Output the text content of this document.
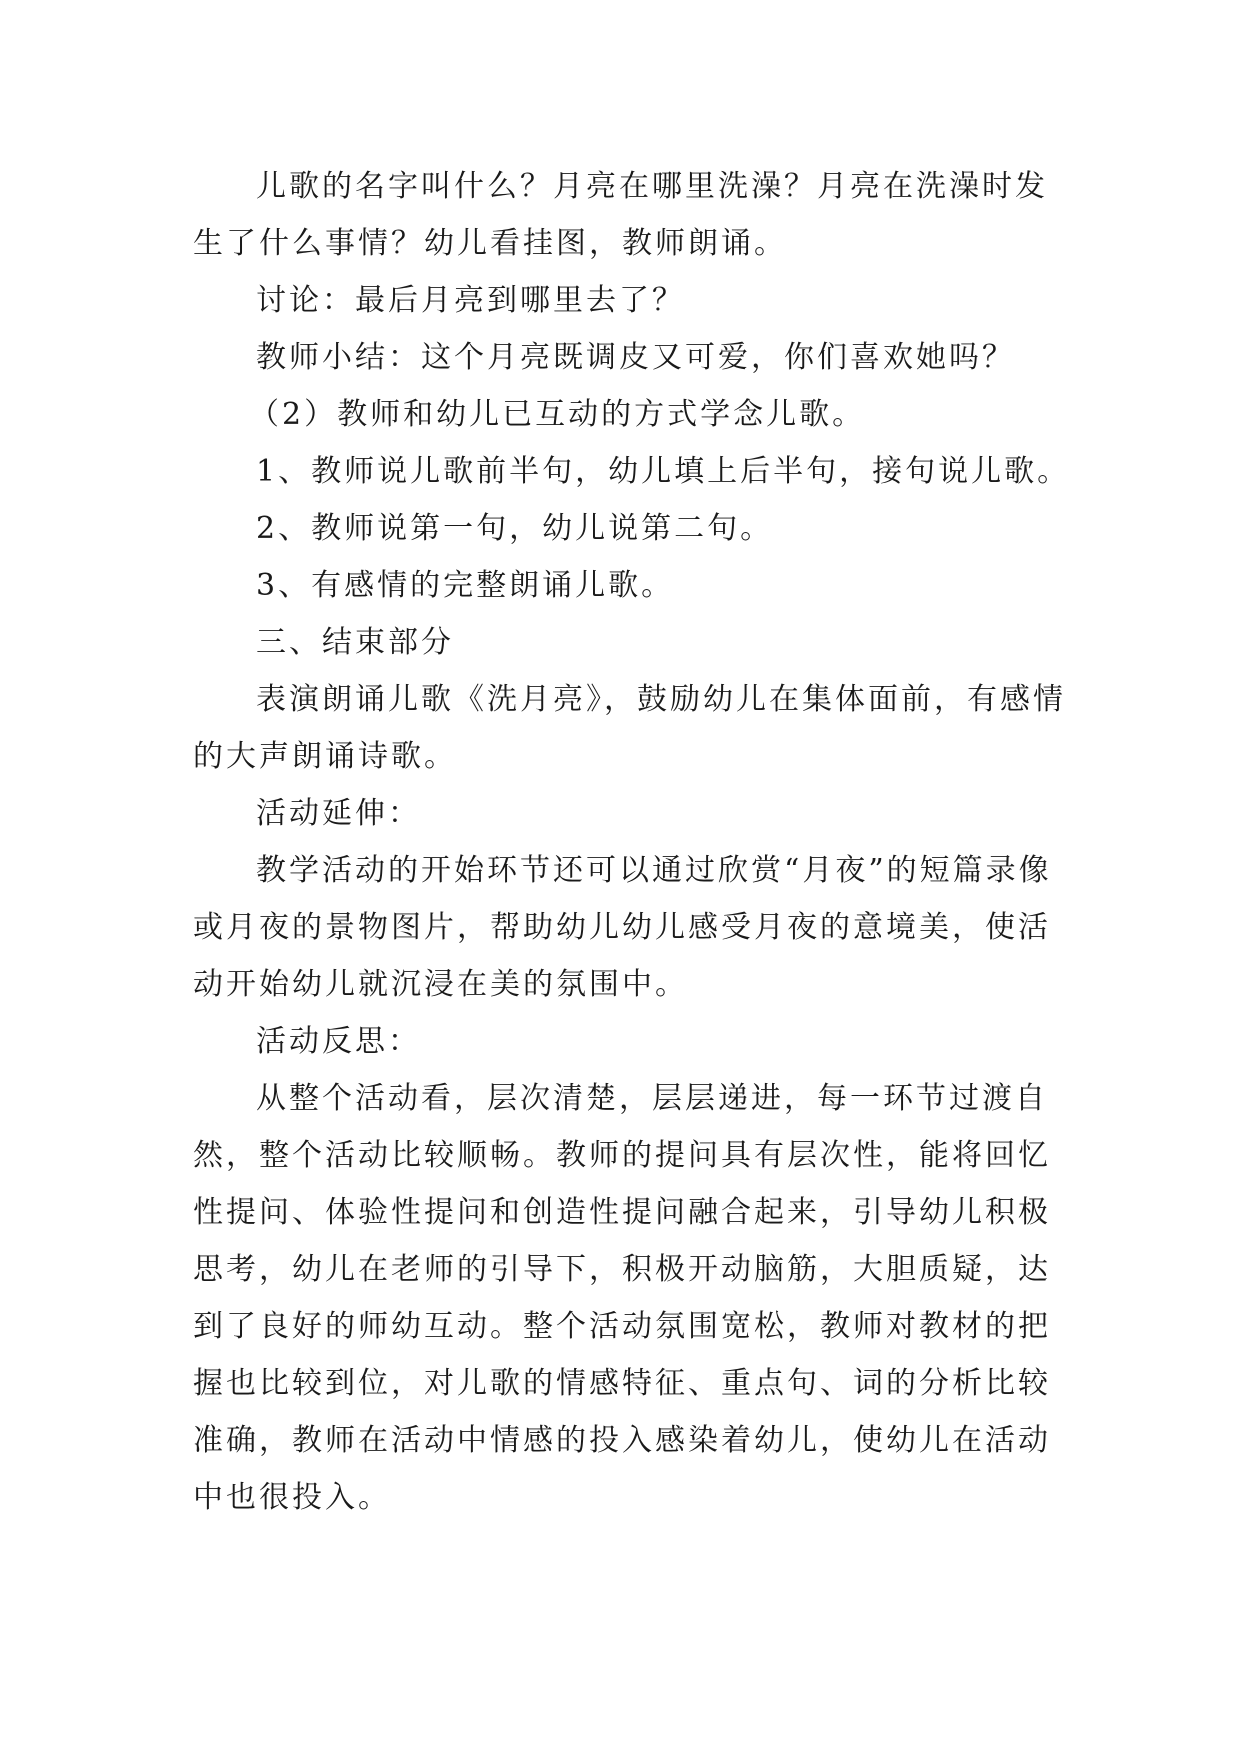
儿歌的名字叫什么？月亮在哪里洗澡？月亮在洗澡时发生了什么事情？幼儿看挂图，教师朗诵。

讨论：最后月亮到哪里去了？

教师小结：这个月亮既调皮又可爱，你们喜欢她吗？

（2）教师和幼儿已互动的方式学念儿歌。

1、教师说儿歌前半句，幼儿填上后半句，接句说儿歌。

2、教师说第一句，幼儿说第二句。

3、有感情的完整朗诵儿歌。

三、结束部分

表演朗诵儿歌《洗月亮》，鼓励幼儿在集体面前，有感情的大声朗诵诗歌。

活动延伸：

教学活动的开始环节还可以通过欣赏“月夜”的短篇录像或月夜的景物图片，帮助幼儿幼儿感受月夜的意境美，使活动开始幼儿就沉浸在美的氛围中。

活动反思：

从整个活动看，层次清楚，层层递进，每一环节过渡自然，整个活动比较顺畅。教师的提问具有层次性，能将回忆性提问、体验性提问和创造性提问融合起来，引导幼儿积极思考，幼儿在老师的引导下，积极开动脑筋，大胆质疑，达到了良好的师幼互动。整个活动氛围宽松，教师对教材的把握也比较到位，对儿歌的情感特征、重点句、词的分析比较准确，教师在活动中情感的投入感染着幼儿，使幼儿在活动中也很投入。
